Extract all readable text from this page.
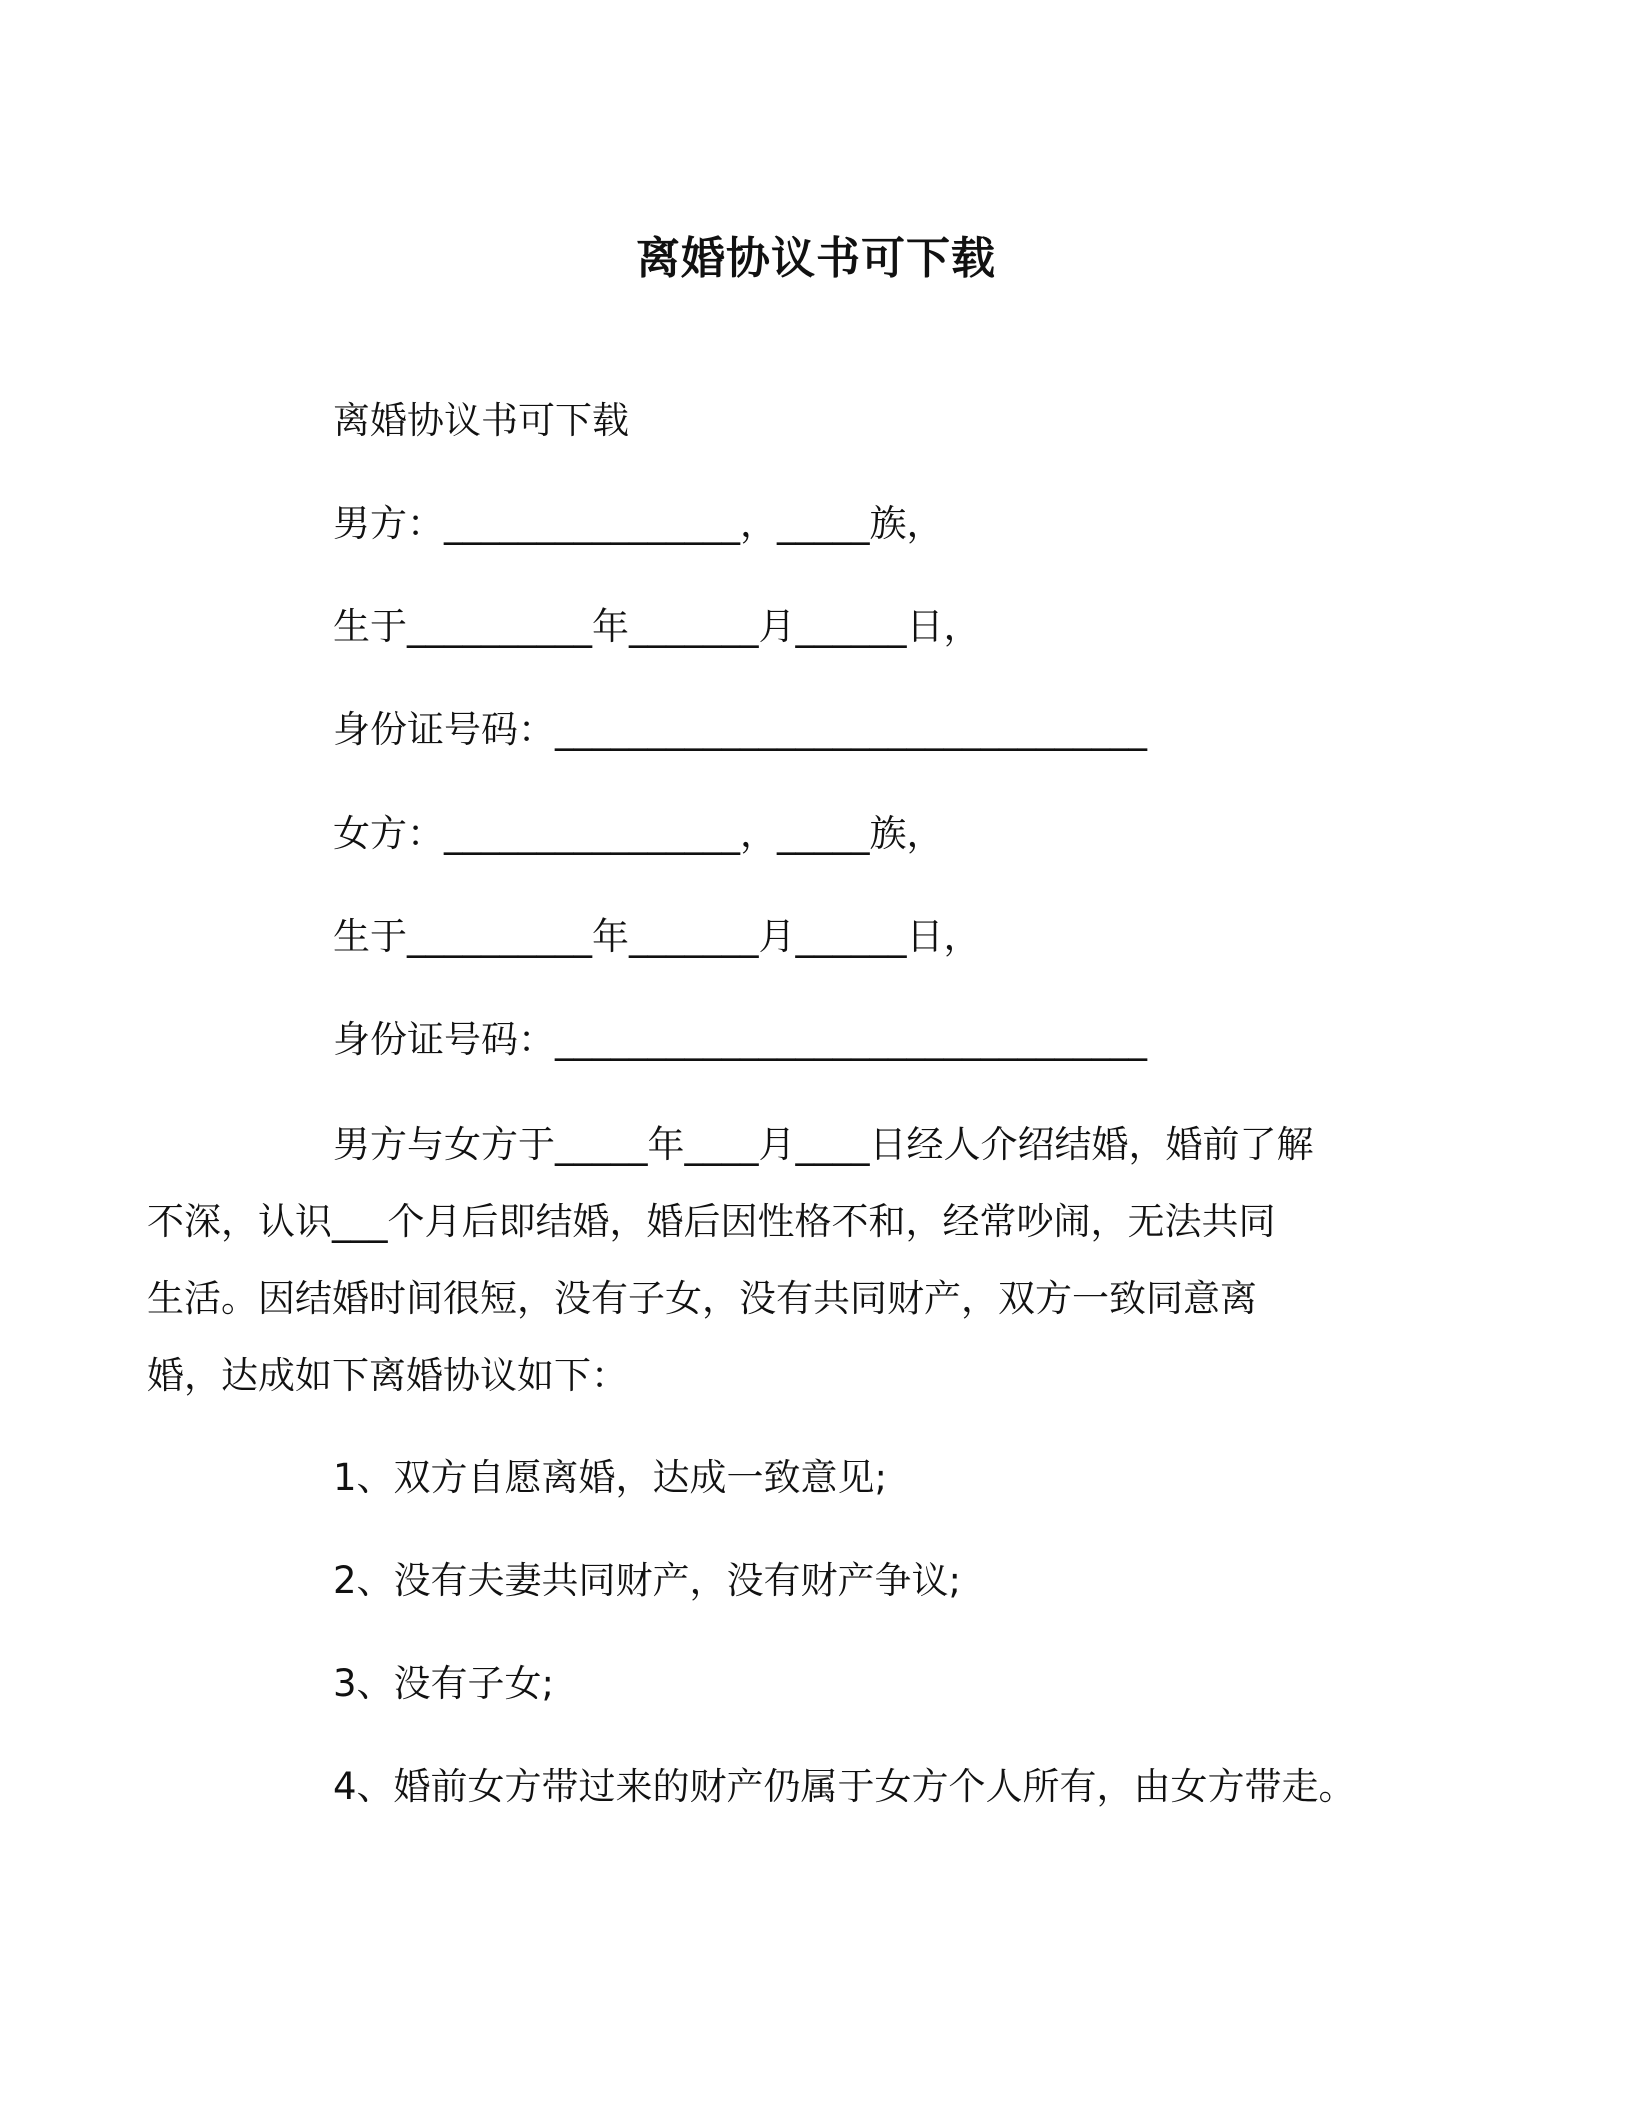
离婚协议书可下载
离婚协议书可下载
男方：________________，_____族，
生于__________年_______月______日，
身份证号码：________________________________
女方：________________，_____族，
生于__________年_______月______日，
身份证号码：________________________________
男方与女方于_____年____月____日经人介绍结婚，婚前了解
不深，认识___个月后即结婚，婚后因性格不和，经常吵闹，无法共同
生活。因结婚时间很短，没有子女，没有共同财产，双方一致同意离
婚，达成如下离婚协议如下：
1、双方自愿离婚，达成一致意见;
2、没有夫妻共同财产，没有财产争议;
3、没有子女;
4、婚前女方带过来的财产仍属于女方个人所有，由女方带走。
